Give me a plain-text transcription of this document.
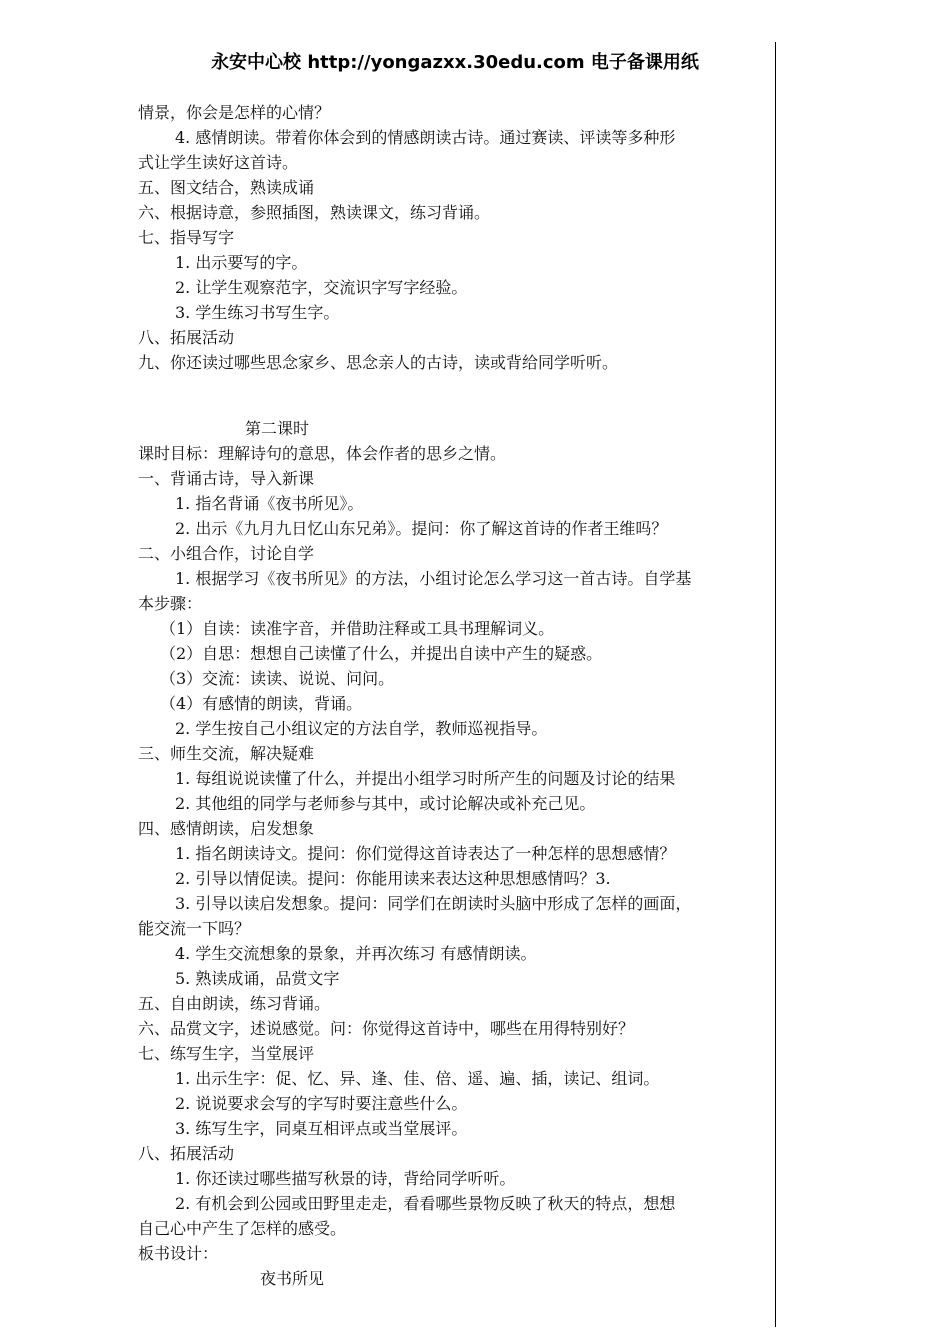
永安中心校 http://yongazxx.30edu.com 电子备课用纸
情景，你会是怎样的心情？
4. 感情朗读。带着你体会到的情感朗读古诗。通过赛读、评读等多种形
式让学生读好这首诗。
五、图文结合，熟读成诵
六、根据诗意，参照插图，熟读课文，练习背诵。
七、指导写字
1. 出示要写的字。
2. 让学生观察范字，交流识字写字经验。
3. 学生练习书写生字。
八、拓展活动
九、你还读过哪些思念家乡、思念亲人的古诗，读或背给同学听听。
第二课时
课时目标：理解诗句的意思，体会作者的思乡之情。
一、背诵古诗，导入新课
1. 指名背诵《夜书所见》。
2. 出示《九月九日忆山东兄弟》。提问：你了解这首诗的作者王维吗？
二、小组合作，讨论自学
1. 根据学习《夜书所见》的方法，小组讨论怎么学习这一首古诗。自学基
本步骤：
（1）自读：读准字音，并借助注释或工具书理解词义。
（2）自思：想想自己读懂了什么，并提出自读中产生的疑惑。
（3）交流：读读、说说、问问。
（4）有感情的朗读，背诵。
2. 学生按自己小组议定的方法自学，教师巡视指导。
三、师生交流，解决疑难
1. 每组说说读懂了什么，并提出小组学习时所产生的问题及讨论的结果
2. 其他组的同学与老师参与其中，或讨论解决或补充己见。
四、感情朗读，启发想象
1. 指名朗读诗文。提问：你们觉得这首诗表达了一种怎样的思想感情？
2. 引导以情促读。提问：你能用读来表达这种思想感情吗？3.
3. 引导以读启发想象。提问：同学们在朗读时头脑中形成了怎样的画面，
能交流一下吗？
4. 学生交流想象的景象，并再次练习 有感情朗读。
5. 熟读成诵，品赏文字
五、自由朗读，练习背诵。
六、品赏文字，述说感觉。问：你觉得这首诗中，哪些在用得特别好？
七、练写生字，当堂展评
1. 出示生字：促、忆、异、逢、佳、倍、遥、遍、插，读记、组词。
2. 说说要求会写的字写时要注意些什么。
3. 练写生字，同桌互相评点或当堂展评。
八、拓展活动
1. 你还读过哪些描写秋景的诗，背给同学听听。
2. 有机会到公园或田野里走走，看看哪些景物反映了秋天的特点，想想
自己心中产生了怎样的感受。
板书设计：
夜书所见
